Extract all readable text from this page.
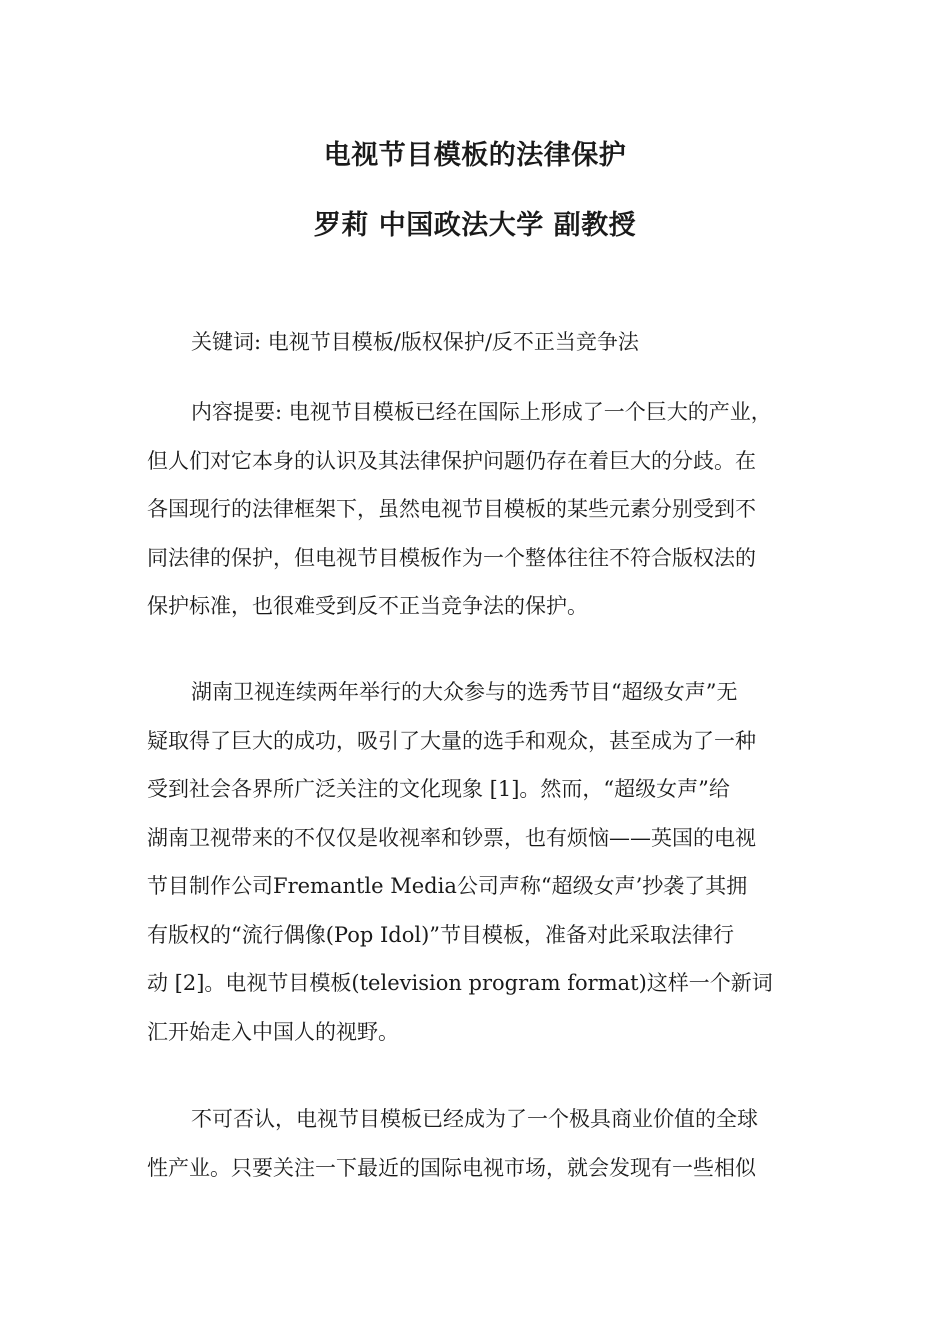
电视节目模板的法律保护
罗莉 中国政法大学 副教授

关键词: 电视节目模板/版权保护/反不正当竞争法

内容提要: 电视节目模板已经在国际上形成了一个巨大的产业，
但人们对它本身的认识及其法律保护问题仍存在着巨大的分歧。在
各国现行的法律框架下，虽然电视节目模板的某些元素分别受到不
同法律的保护，但电视节目模板作为一个整体往往不符合版权法的
保护标准，也很难受到反不正当竞争法的保护。

湖南卫视连续两年举行的大众参与的选秀节目“超级女声”无
疑取得了巨大的成功，吸引了大量的选手和观众，甚至成为了一种
受到社会各界所广泛关注的文化现象 [1]。然而，“超级女声”给
湖南卫视带来的不仅仅是收视率和钞票，也有烦恼——英国的电视
节目制作公司Fremantle Media公司声称“超级女声’抄袭了其拥
有版权的“流行偶像(Pop Idol)”节目模板，准备对此采取法律行
动 [2]。电视节目模板(television program format)这样一个新词
汇开始走入中国人的视野。

不可否认，电视节目模板已经成为了一个极具商业价值的全球
性产业。只要关注一下最近的国际电视市场，就会发现有一些相似
